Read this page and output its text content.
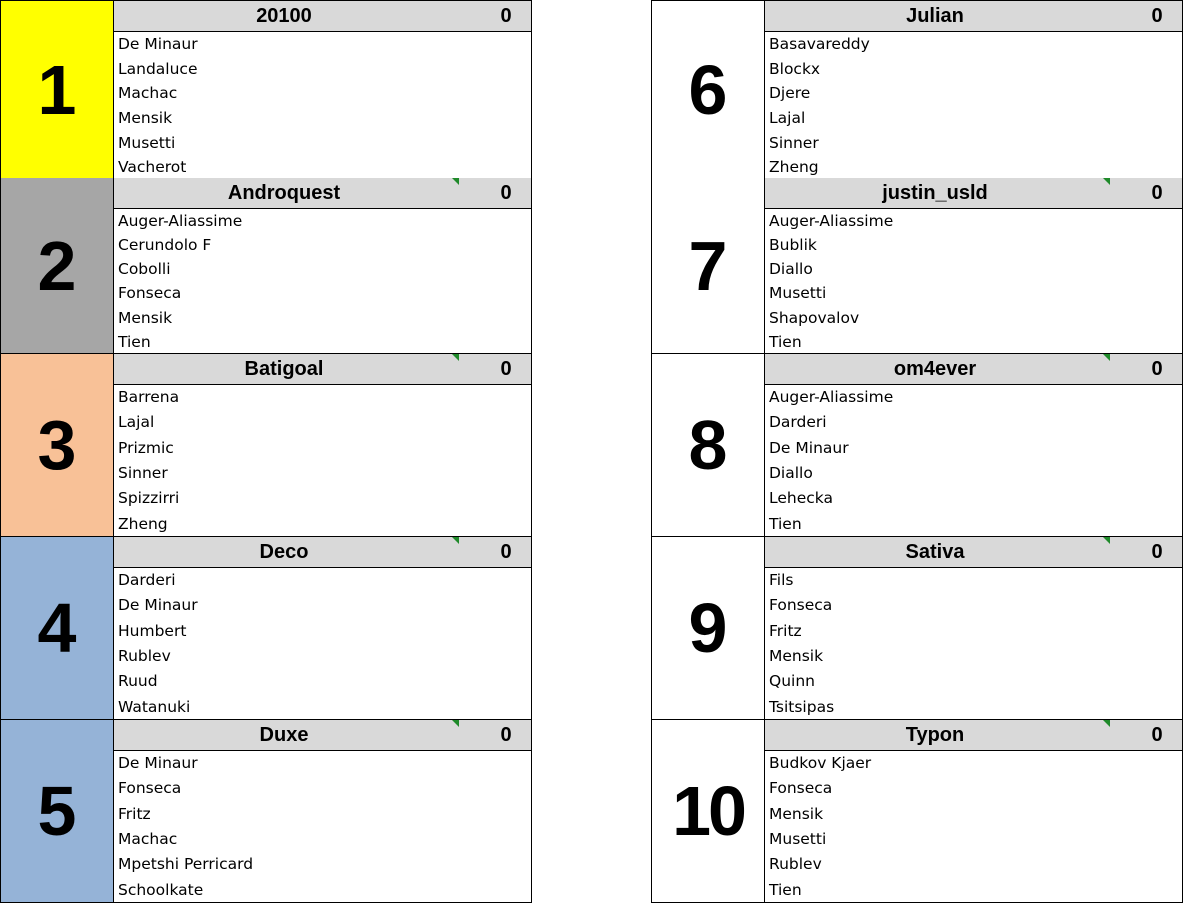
1
20100	0
De Minaur
Landaluce
Machac
Mensik
Musetti
Vacherot
2
Androquest	0
Auger-Aliassime
Cerundolo F
Cobolli
Fonseca
Mensik
Tien
3
Batigoal	0
Barrena
Lajal
Prizmic
Sinner
Spizzirri
Zheng
4
Deco	0
Darderi
De Minaur
Humbert
Rublev
Ruud
Watanuki
5
Duxe	0
De Minaur
Fonseca
Fritz
Machac
Mpetshi Perricard
Schoolkate
6
Julian	0
Basavareddy
Blockx
Djere
Lajal
Sinner
Zheng
7
justin_usld	0
Auger-Aliassime
Bublik
Diallo
Musetti
Shapovalov
Tien
8
om4ever	0
Auger-Aliassime
Darderi
De Minaur
Diallo
Lehecka
Tien
9
Sativa	0
Fils
Fonseca
Fritz
Mensik
Quinn
Tsitsipas
10
Typon	0
Budkov Kjaer
Fonseca
Mensik
Musetti
Rublev
Tien
